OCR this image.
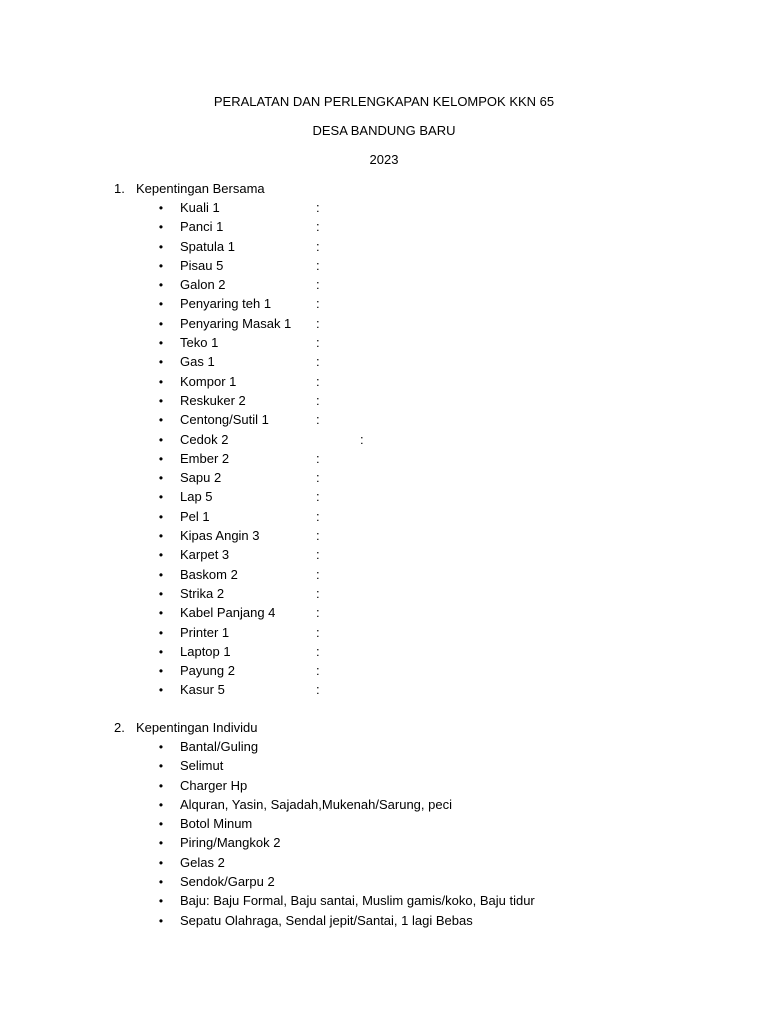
PERALATAN DAN PERLENGKAPAN KELOMPOK KKN 65
DESA BANDUNG BARU
2023
1. Kepentingan Bersama
• Kuali 1	:
• Panci 1	:
• Spatula 1	:
• Pisau 5	:
• Galon 2	:
• Penyaring teh 1	:
• Penyaring Masak 1 :
• Teko 1	:
• Gas 1	:
• Kompor 1	:
• Reskuker 2	:
• Centong/Sutil 1	:
• Cedok 2	:
• Ember 2	:
• Sapu 2	:
• Lap 5	:
• Pel 1	:
• Kipas Angin 3	:
• Karpet 3	:
• Baskom 2	:
• Strika 2	:
• Kabel Panjang 4	:
• Printer 1	:
• Laptop 1	:
• Payung 2	:
• Kasur 5	:
2. Kepentingan Individu
• Bantal/Guling
• Selimut
• Charger Hp
• Alquran, Yasin, Sajadah,Mukenah/Sarung, peci
• Botol Minum
• Piring/Mangkok 2
• Gelas 2
• Sendok/Garpu 2
• Baju: Baju Formal, Baju santai, Muslim gamis/koko, Baju tidur
• Sepatu Olahraga, Sendal jepit/Santai, 1 lagi Bebas
